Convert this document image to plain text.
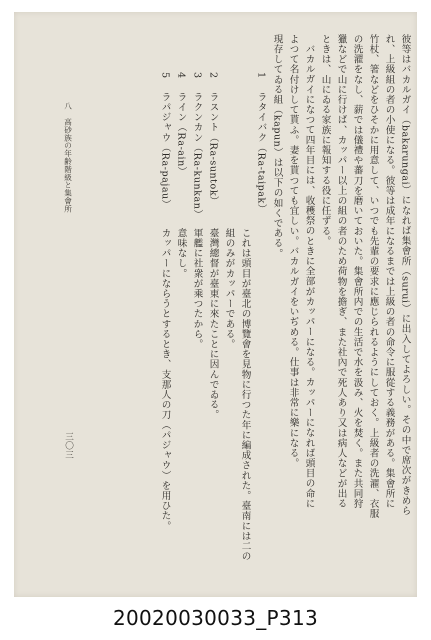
彼等はバカルガイ（bakarungai）になれば集會所（surui）に出入してよろしい。その中で席次がきめら
れ、上級組の者の小使になる。彼等は成年になるまでは上級の者の命令に服從する義務がある。集會所に
竹杖、箸などをひそかに用意して、いつでも先輩の要求に應じられるようにしておく。上級者の洗濯、衣服
の洗濯をなし、薪では儀禮や蕃刀を磨いておいた。集會所内での生活で水を汲み、火を焚く。また共同狩
獵などで山に行けば、カッパー以上の組の者のため荷物を擔ぎ、また社內で死人あり又は病人などが出る
ときは、山にゐる家族に報知する役に任ずる。
バカルガイになつて四年目には、收穫祭のときに全部がカッパーになる。カッパーになれば頭目の命に
よつて名付けして貰ふ。妻を貰つても宜しい。バカルガイをいぢめる。仕事は非常に樂になる。
現存してゐる組（kapun）は以下の如くである。
1
ラタイバク（Ra-taipak）
これは頭目が臺北の博覽會を見物に行つた年に編成された。臺南には二の
組のみがカッパーである。
2
ラスント（Ra-suntok）
臺灣總督が臺東に來たことに因んでゐる。
3
ラクンカン（Ra-kunkan）
軍艦に社衆が乘つたから。
4
ライン（Ra-ain）
意味なし。
5
ラパジャウ（Ra-pajau）
カッパーにならうとするとき、支那人の刀（パジャウ）を用ひた。
八　高砂族の年齢階級と集會所
三〇三
20020030033_P313
